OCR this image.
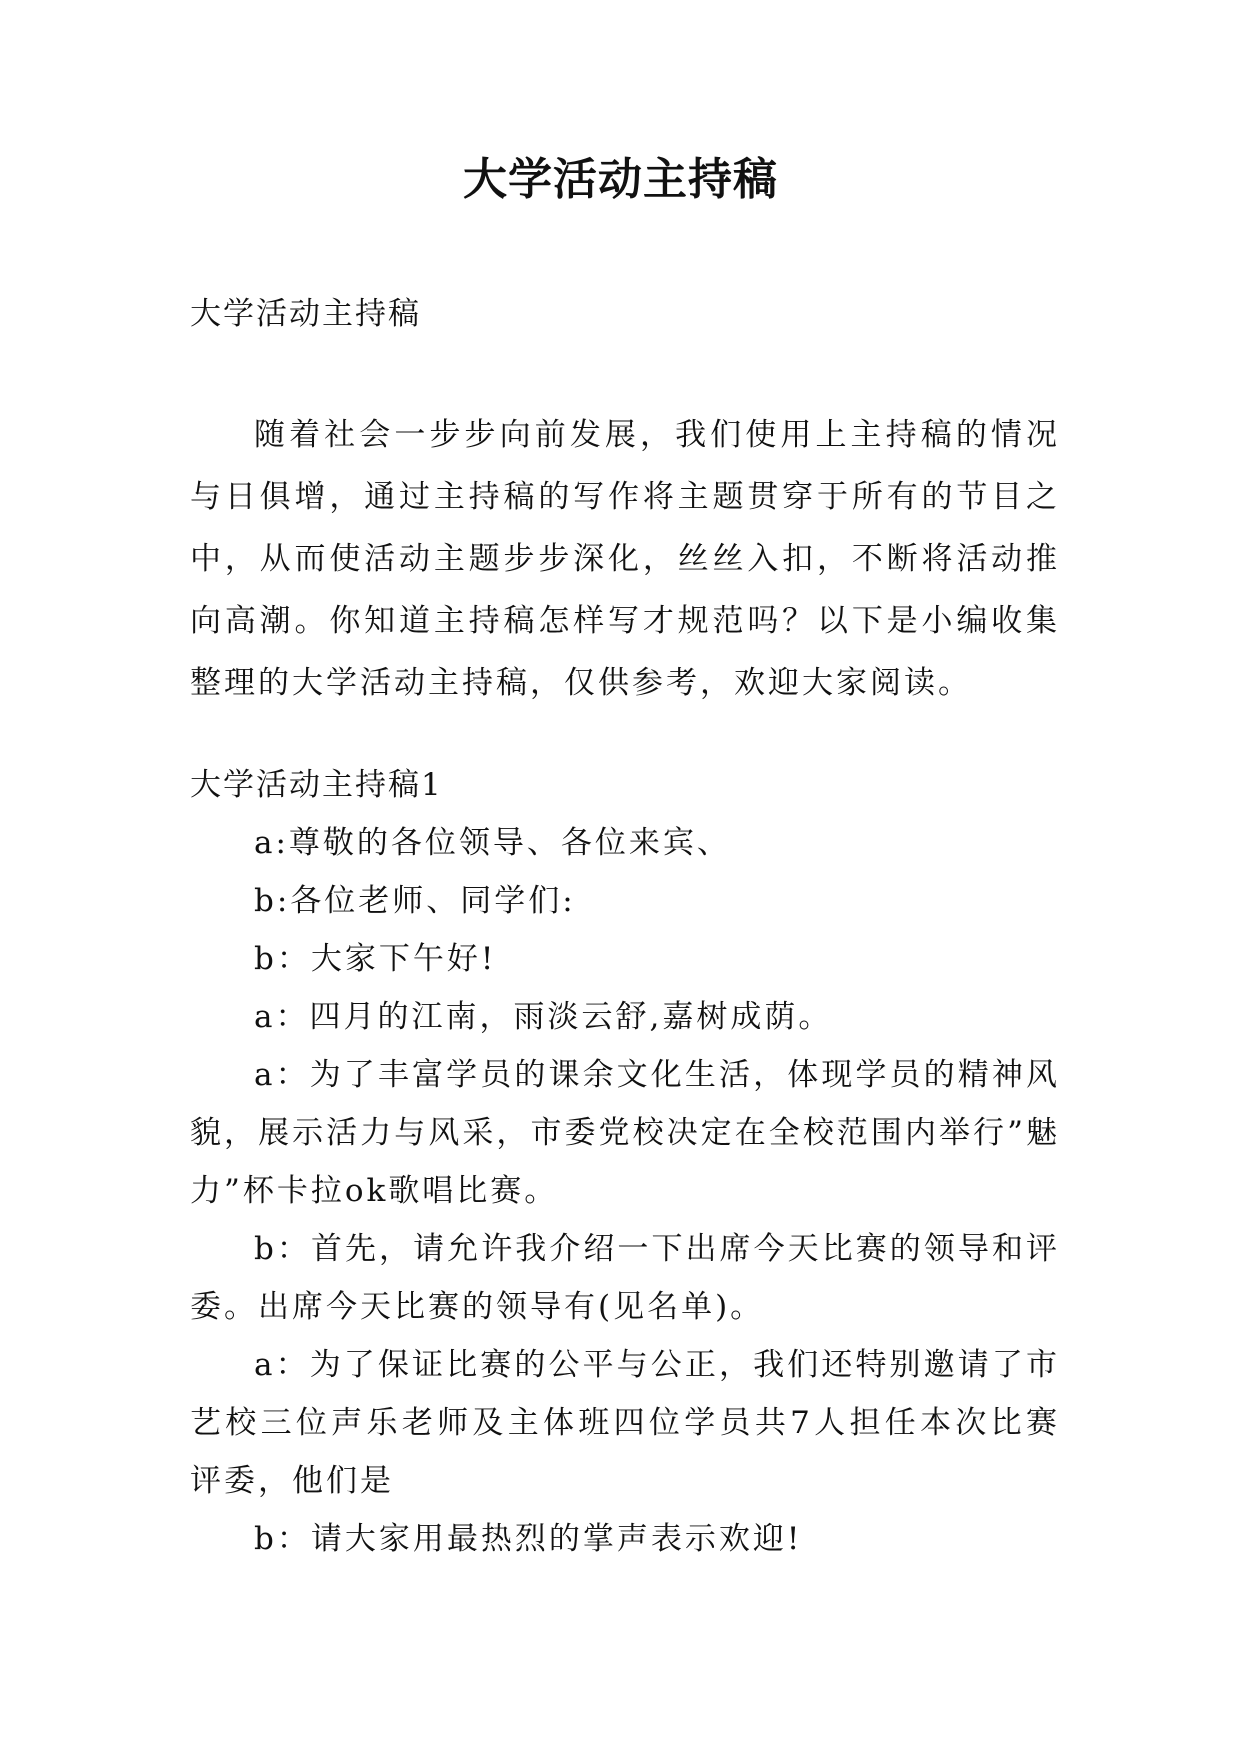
大学活动主持稿

大学活动主持稿

随着社会一步步向前发展，我们使用上主持稿的情况与日俱增，通过主持稿的写作将主题贯穿于所有的节目之中，从而使活动主题步步深化，丝丝入扣，不断将活动推向高潮。你知道主持稿怎样写才规范吗？以下是小编收集整理的大学活动主持稿，仅供参考，欢迎大家阅读。

大学活动主持稿1

a:尊敬的各位领导、各位来宾、

b:各位老师、同学们:

b：大家下午好!

a：四月的江南，雨淡云舒,嘉树成荫。

a：为了丰富学员的课余文化生活，体现学员的精神风貌，展示活力与风采，市委党校决定在全校范围内举行”魅力”杯卡拉ok歌唱比赛。

b：首先，请允许我介绍一下出席今天比赛的领导和评委。出席今天比赛的领导有(见名单)。

a：为了保证比赛的公平与公正，我们还特别邀请了市艺校三位声乐老师及主体班四位学员共7人担任本次比赛评委，他们是

b：请大家用最热烈的掌声表示欢迎!
